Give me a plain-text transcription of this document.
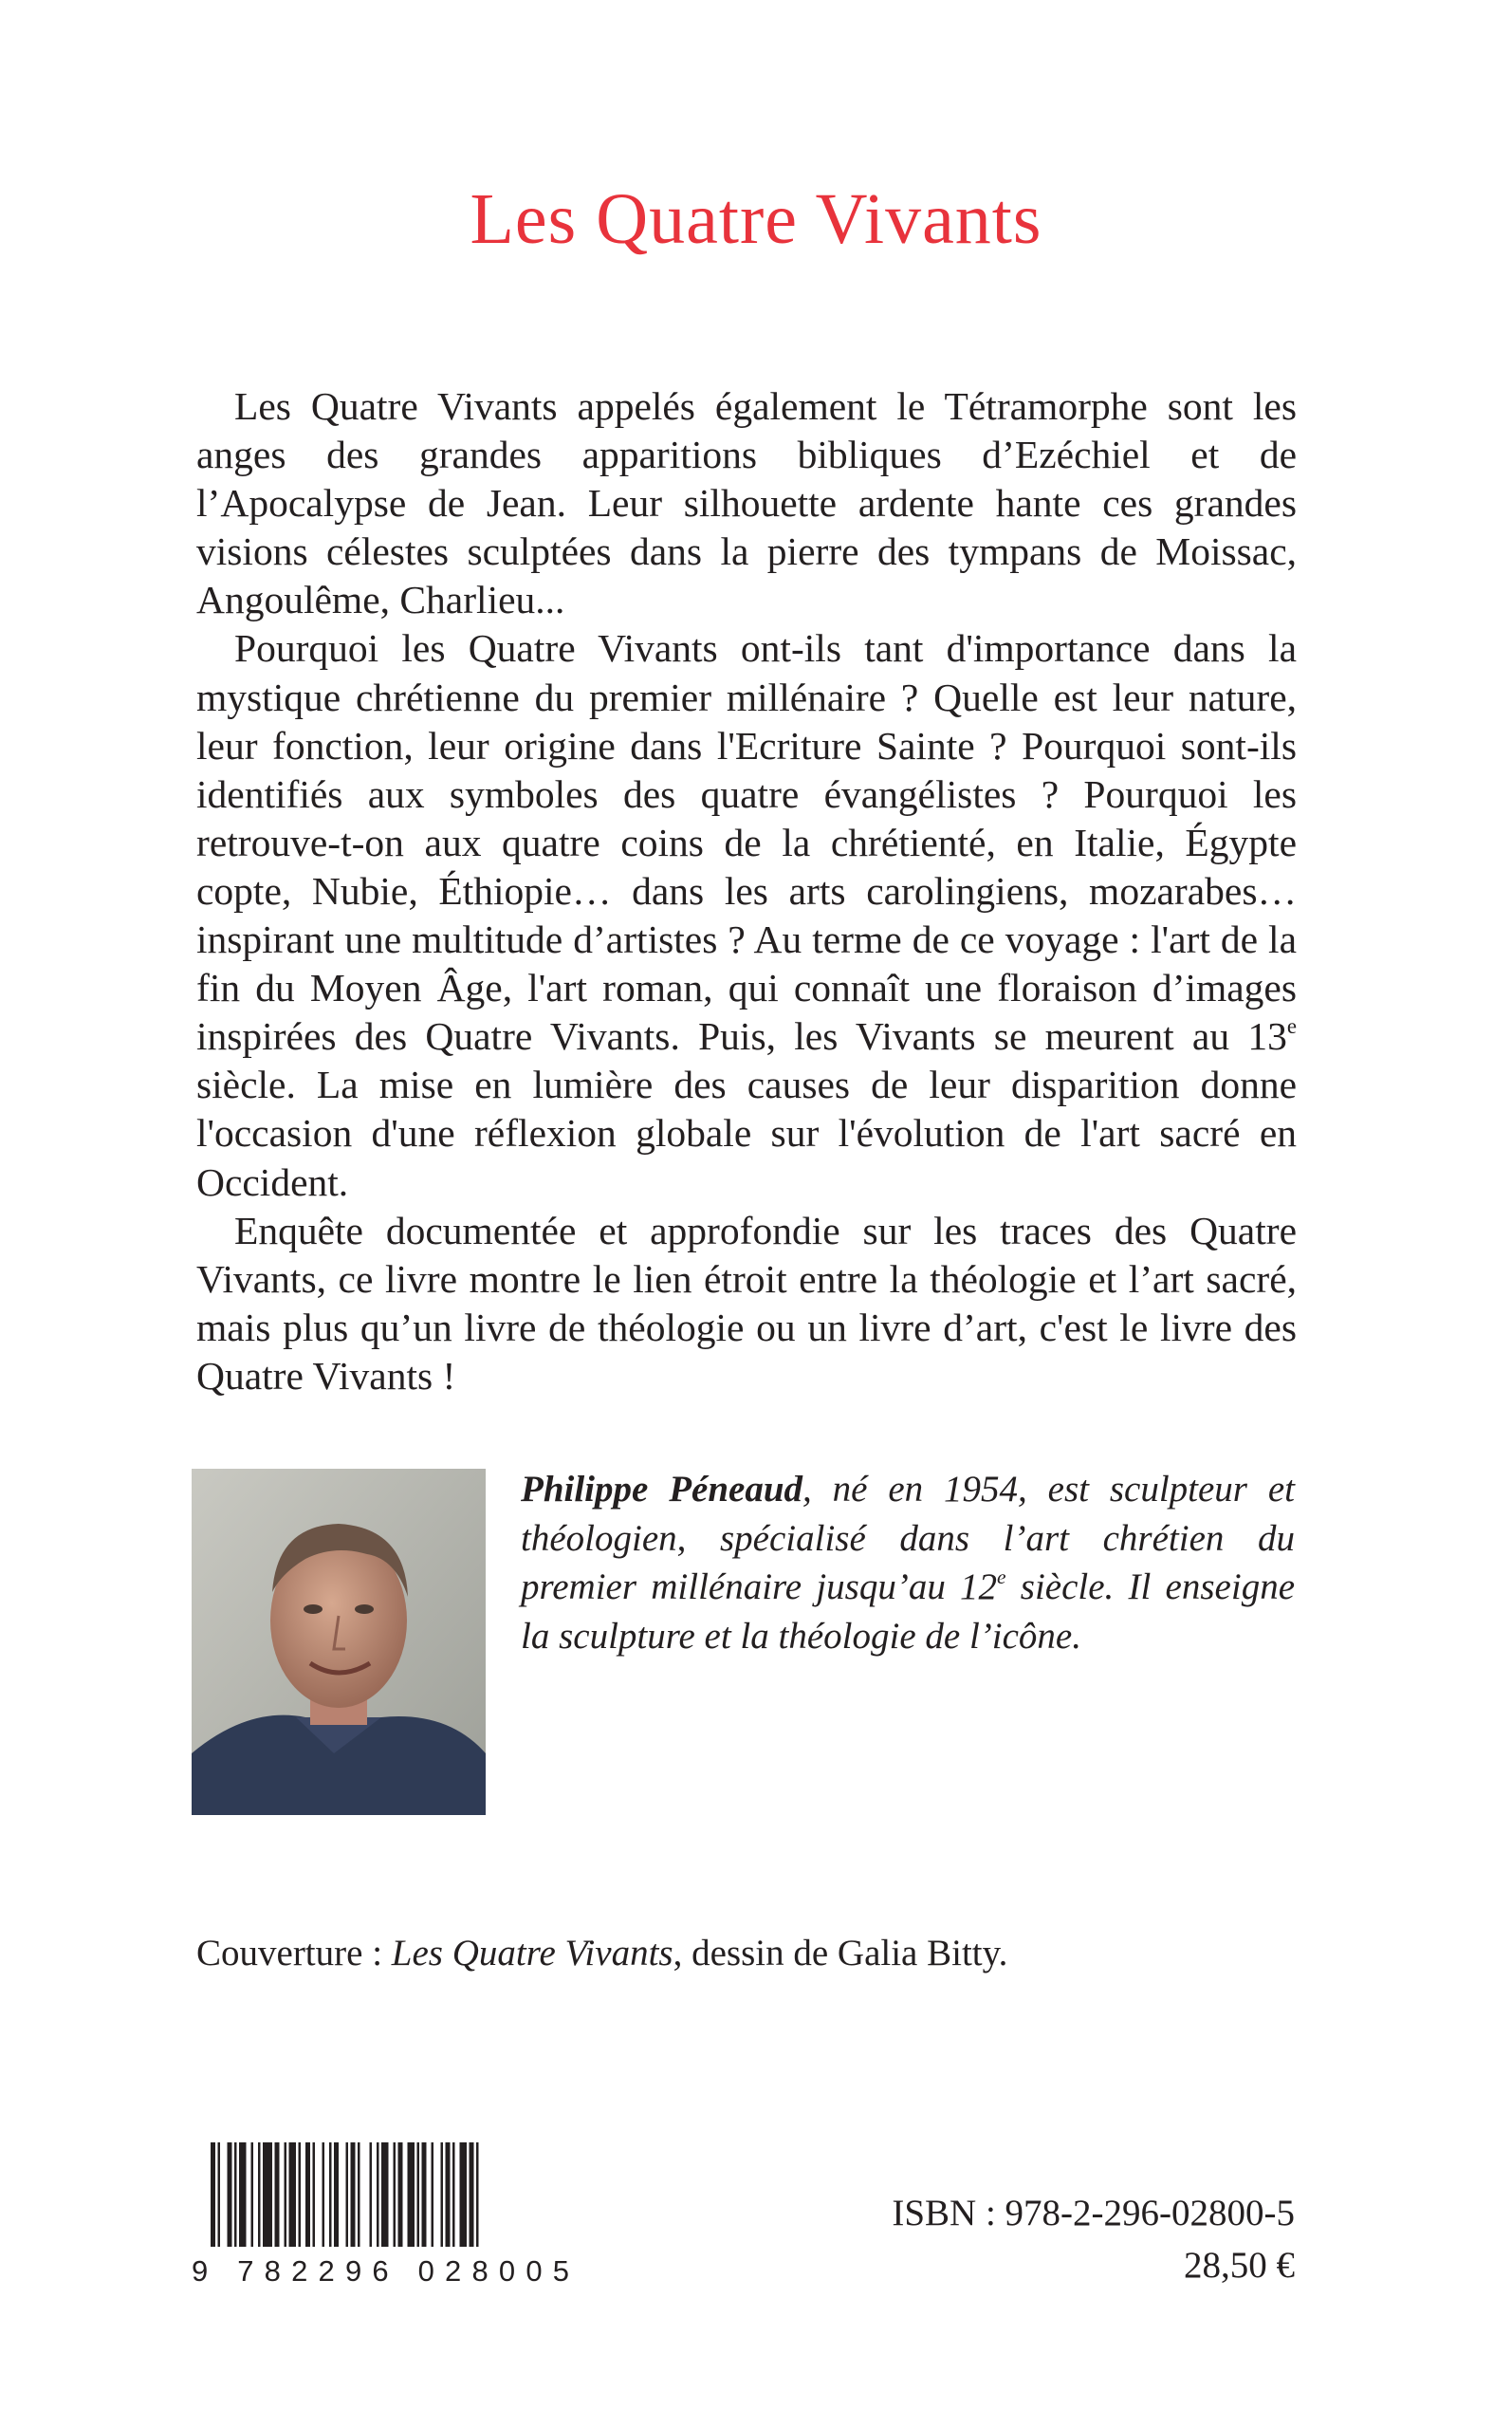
Les Quatre Vivants

Les Quatre Vivants appelés également le Tétramorphe sont les anges des grandes apparitions bibliques d’Ezéchiel et de l’Apocalypse de Jean. Leur silhouette ardente hante ces grandes visions célestes sculptées dans la pierre des tympans de Moissac, Angoulême, Charlieu...

Pourquoi les Quatre Vivants ont-ils tant d'importance dans la mystique chrétienne du premier millénaire ? Quelle est leur nature, leur fonction, leur origine dans l'Ecriture Sainte ? Pourquoi sont-ils identifiés aux symboles des quatre évangélistes ? Pourquoi les retrouve-t-on aux quatre coins de la chrétienté, en Italie, Égypte copte, Nubie, Éthiopie… dans les arts carolingiens, mozarabes… inspirant une multitude d’artistes ? Au terme de ce voyage : l'art de la fin du Moyen Âge, l'art roman, qui connaît une floraison d’images inspirées des Quatre Vivants. Puis, les Vivants se meurent au 13e siècle. La mise en lumière des causes de leur disparition donne l'occasion d'une réflexion globale sur l'évolution de l'art sacré en Occident.

Enquête documentée et approfondie sur les traces des Quatre Vivants, ce livre montre le lien étroit entre la théologie et l’art sacré, mais plus qu’un livre de théologie ou un livre d’art, c'est le livre des Quatre Vivants !

Philippe Péneaud, né en 1954, est sculpteur et théologien, spécialisé dans l’art chrétien du premier millénaire jusqu’au 12e siècle. Il enseigne la sculpture et la théologie de l’icône.

Couverture : Les Quatre Vivants, dessin de Galia Bitty.

9 782296 028005

ISBN : 978-2-296-02800-5

28,50 €
